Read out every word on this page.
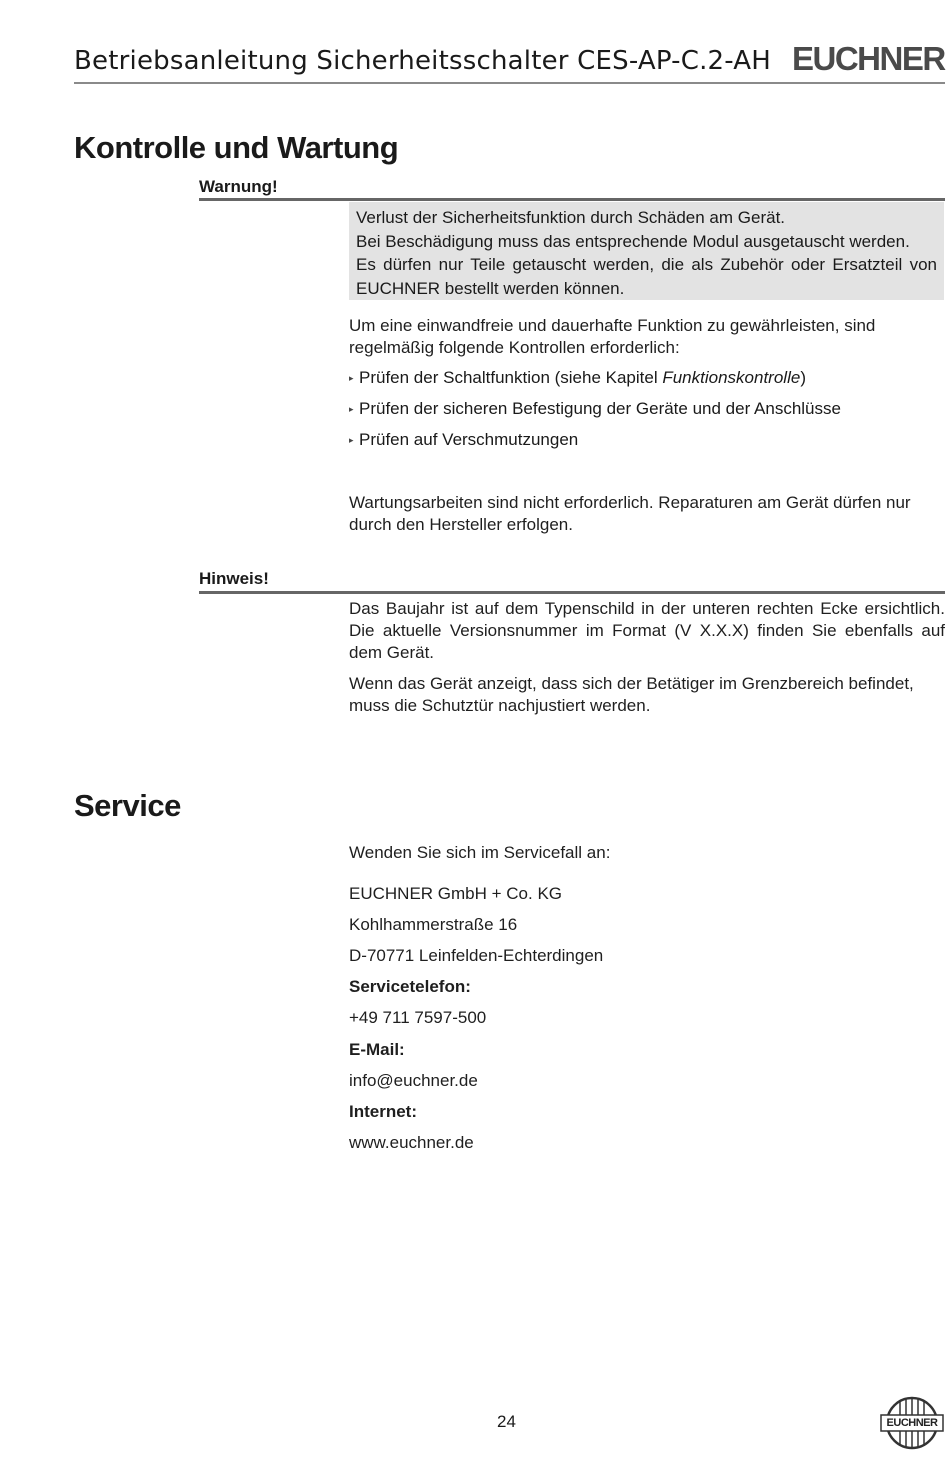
Betriebsanleitung Sicherheitsschalter CES-AP-C.2-AH EUCHNER
Kontrolle und Wartung
Warnung!

Verlust der Sicherheitsfunktion durch Schäden am Gerät.

Bei Beschädigung muss das entsprechende Modul ausgetauscht werden.

Es dürfen nur Teile getauscht werden, die als Zubehör oder Ersatzteil von EUCHNER bestellt werden können.

Um eine einwandfreie und dauerhafte Funktion zu gewährleisten, sind regelmäßig folgende Kontrollen erforderlich:
▸ Prüfen der Schaltfunktion (siehe Kapitel Funktionskontrolle)
▸ Prüfen der sicheren Befestigung der Geräte und der Anschlüsse
▸ Prüfen auf Verschmutzungen
Wartungsarbeiten sind nicht erforderlich. Reparaturen am Gerät dürfen nur durch den Hersteller erfolgen.
Hinweis!
Das Baujahr ist auf dem Typenschild in der unteren rechten Ecke ersichtlich. Die aktuelle Versionsnummer im Format (V X.X.X) finden Sie ebenfalls auf dem Gerät.
Wenn das Gerät anzeigt, dass sich der Betätiger im Grenzbereich befindet, muss die Schutztür nachjustiert werden.
Service
Wenden Sie sich im Servicefall an:
EUCHNER GmbH + Co. KG
Kohlhammerstraße 16
D-70771 Leinfelden-Echterdingen
Servicetelefon:
+49 711 7597-500
E-Mail:
info@euchner.de
Internet:
www.euchner.de
24	EUCHNER
